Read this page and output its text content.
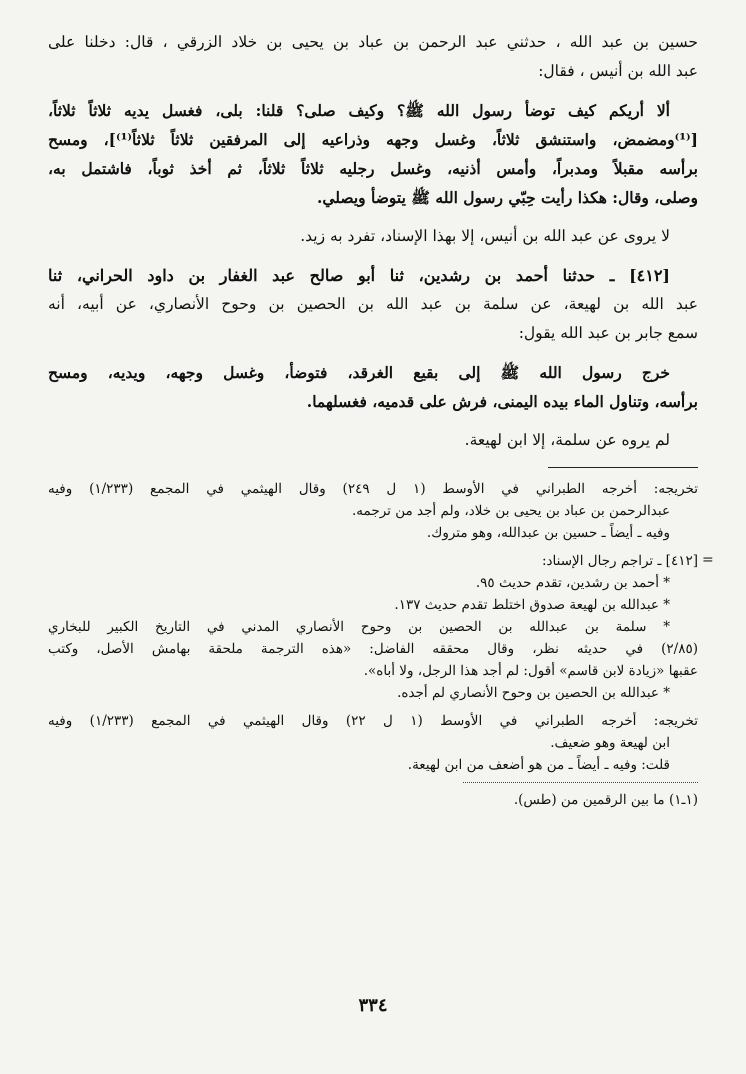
حسين بن عبد الله ، حدثني عبد الرحمن بن عباد بن يحيى بن خلاد الزرقي ، قال: دخلنا على
عبد الله بن أنيس ، فقال:
ألا أريكم كيف توضأ رسول الله ﷺ؟ وكيف صلى؟ قلنا: بلى، فغسل يديه ثلاثاً ثلاثاً،
[⁽¹⁾ومضمض، واستنشق ثلاثاً، وغسل وجهه وذراعيه إلى المرفقين ثلاثاً ثلاثاً⁽¹⁾]، ومسح
برأسه مقبلاً ومدبراً، وأمس أذنيه، وغسل رجليه ثلاثاً ثلاثاً، ثم أخذ ثوباً، فاشتمل به،
وصلى، وقال: هكذا رأيت حِبّي رسول الله ﷺ يتوضأ ويصلي.
لا يروى عن عبد الله بن أنيس، إلا بهذا الإسناد، تفرد به زيد.
[٤١٢] ـ حدثنا أحمد بن رشدين، ثنا أبو صالح عبد الغفار بن داود الحراني، ثنا
عبد الله بن لهيعة، عن سلمة بن عبد الله بن الحصين بن وحوح الأنصاري، عن أبيه، أنه
سمع جابر بن عبد الله يقول:
خرج رسول الله ﷺ إلى بقيع الغرقد، فتوضأ، وغسل وجهه، ويديه، ومسح
برأسه، وتناول الماء بيده اليمنى، فرش على قدميه، فغسلهما.
لم يروه عن سلمة، إلا ابن لهيعة.
تخريجه: أخرجه الطبراني في الأوسط (١ ل ٢٤٩) وقال الهيثمي في المجمع (١/٢٣٣) وفيه
عبدالرحمن بن عباد بن يحيى بن خلاد، ولم أجد من ترجمه.
وفيه ـ أيضاً ـ حسين بن عبدالله، وهو متروك.
[٤١٢] ـ تراجم رجال الإسناد:
* أحمد بن رشدين، تقدم حديث ٩٥.
* عبدالله بن لهيعة صدوق اختلط تقدم حديث ١٣٧.
* سلمة بن عبدالله بن الحصين بن وحوح الأنصاري المدني في التاريخ الكبير للبخاري
(٢/٨٥) في حديثه نظر، وقال محققه الفاضل: «هذه الترجمة ملحقة بهامش الأصل، وكتب
عقبها «زيادة لابن قاسم» أقول: لم أجد هذا الرجل، ولا أباه».
* عبدالله بن الحصين بن وحوح الأنصاري لم أجده.
تخريجه: أخرجه الطبراني في الأوسط (١ ل ٢٢) وقال الهيثمي في المجمع (١/٢٣٣) وفيه
ابن لهيعة وهو ضعيف.
قلت: وفيه ـ أيضاً ـ من هو أضعف من ابن لهيعة.
(١ـ١) ما بين الرقمين من (طس).
=
٣٣٤
